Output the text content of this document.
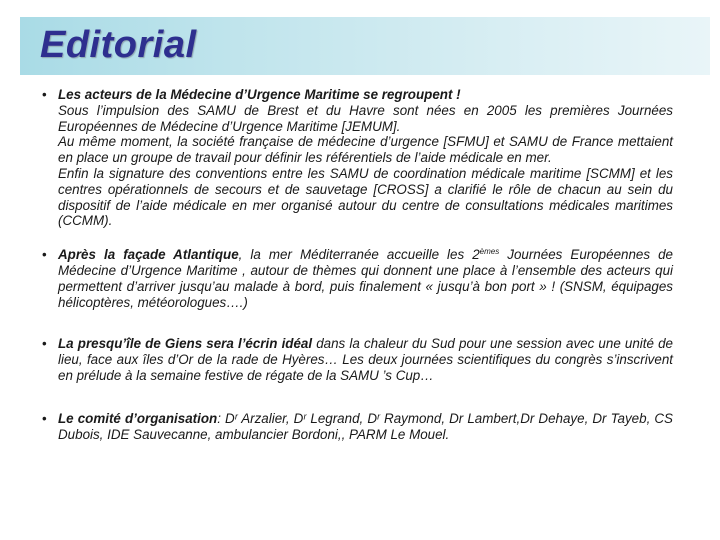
Editorial
• Les acteurs de la Médecine d’Urgence Maritime se regroupent !

Sous l’impulsion des SAMU de Brest et du Havre sont nées en 2005 les premières Journées Européennes de Médecine d’Urgence Maritime [JEMUM].

Au même moment, la société française de médecine d’urgence [SFMU] et SAMU de France mettaient en place un groupe de travail pour définir les référentiels de l’aide médicale en mer.

Enfin la signature des conventions entre les SAMU de coordination médicale maritime [SCMM] et les centres opérationnels de secours et de sauvetage [CROSS] a clarifié le rôle de chacun au sein du dispositif de l’aide médicale en mer organisé autour du centre de consultations médicales maritimes (CCMM).

• Après la façade Atlantique, la mer Méditerranée accueille les 2èmes Journées Européennes de Médecine d’Urgence Maritime , autour de thèmes qui donnent une place à l’ensemble des acteurs qui permettent d’arriver jusqu’au malade à bord, puis finalement « jusqu’à bon port » ! (SNSM, équipages hélicoptères, météorologues….)

• La presqu’île de Giens sera l’écrin idéal dans la chaleur du Sud pour une session avec une unité de lieu, face aux îles d’Or de la rade de Hyères… Les deux journées scientifiques du congrès s’inscrivent en prélude à la semaine festive de régate de la SAMU ’s Cup…

• Le comité d’organisation: Dʳ Arzalier, Dʳ Legrand, Dʳ Raymond, Dr Lambert,Dr Dehaye, Dr Tayeb, CS Dubois, IDE Sauvecanne, ambulancier Bordoni,, PARM Le Mouel.
